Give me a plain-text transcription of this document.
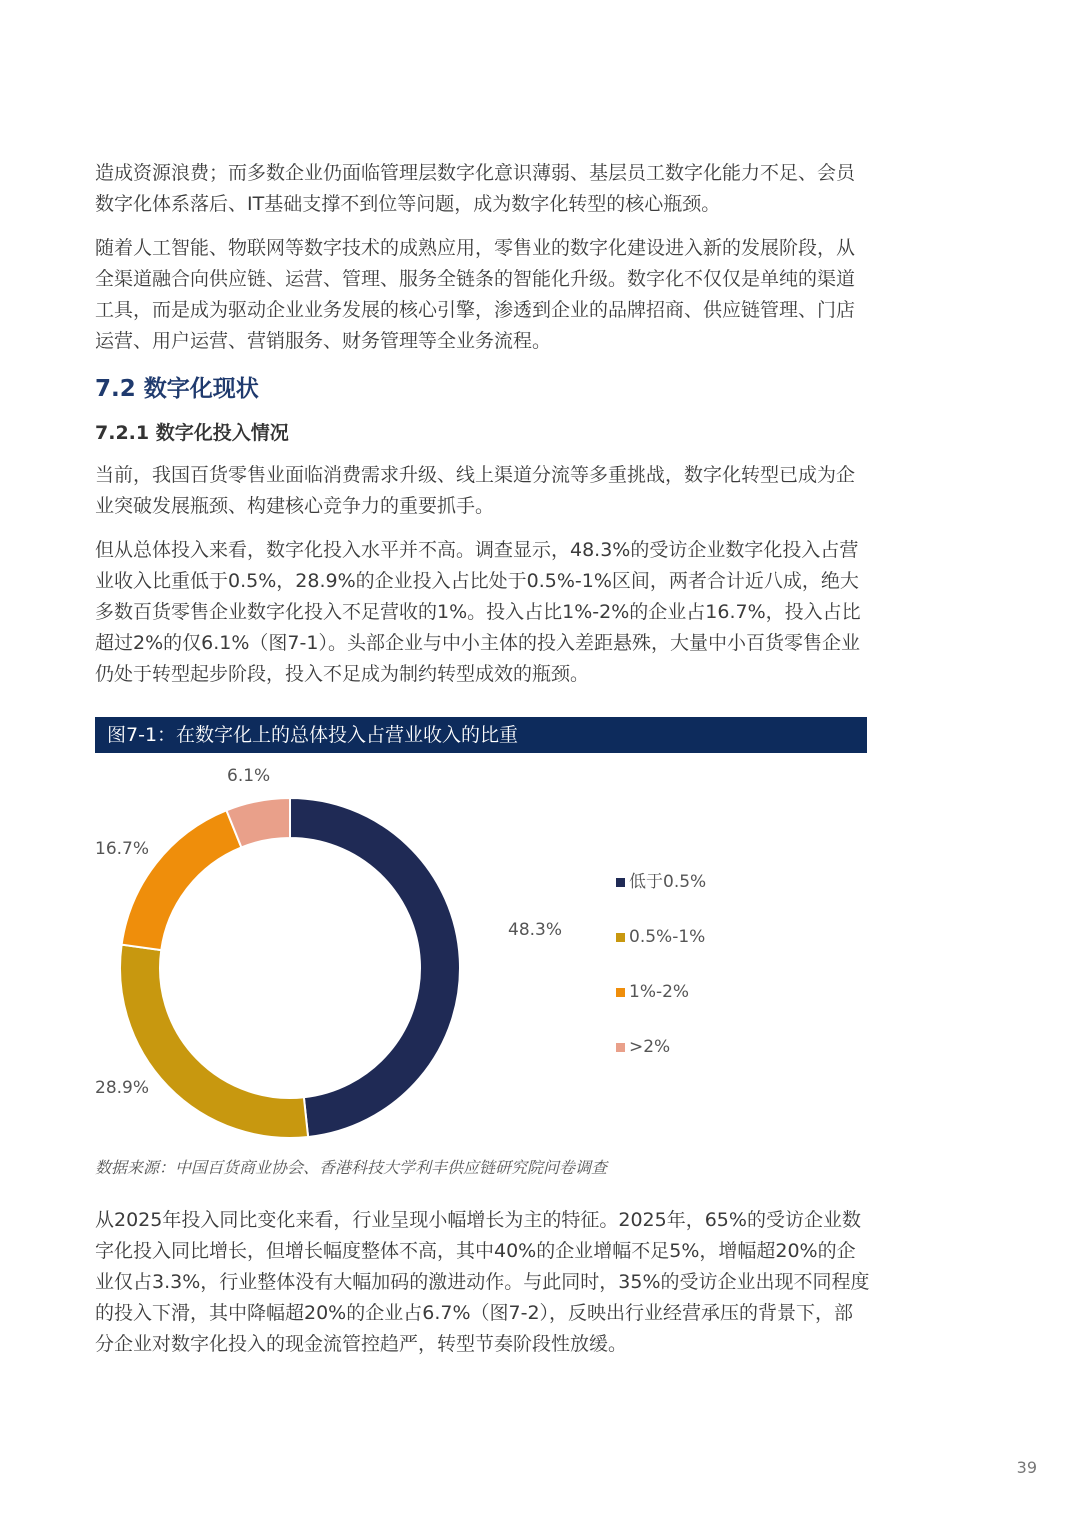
造成资源浪费；而多数企业仍面临管理层数字化意识薄弱、基层员工数字化能力不足、会员数字化体系落后、IT基础支撑不到位等问题，成为数字化转型的核心瓶颈。

随着人工智能、物联网等数字技术的成熟应用，零售业的数字化建设进入新的发展阶段，从全渠道融合向供应链、运营、管理、服务全链条的智能化升级。数字化不仅仅是单纯的渠道工具，而是成为驱动企业业务发展的核心引擎，渗透到企业的品牌招商、供应链管理、门店运营、用户运营、营销服务、财务管理等全业务流程。

7.2 数字化现状
7.2.1 数字化投入情况

当前，我国百货零售业面临消费需求升级、线上渠道分流等多重挑战，数字化转型已成为企业突破发展瓶颈、构建核心竞争力的重要抓手。

但从总体投入来看，数字化投入水平并不高。调查显示，48.3%的受访企业数字化投入占营业收入比重低于0.5%，28.9%的企业投入占比处于0.5%-1%区间，两者合计近八成，绝大多数百货零售企业数字化投入不足营收的1%。投入占比1%-2%的企业占16.7%，投入占比超过2%的仅6.1%（图7-1）。头部企业与中小主体的投入差距悬殊，大量中小百货零售企业仍处于转型起步阶段，投入不足成为制约转型成效的瓶颈。

图7-1：在数字化上的总体投入占营业收入的比重
48.3%
28.9%
16.7%
6.1%
低于0.5%
0.5%-1%
1%-2%
>2%
数据来源：中国百货商业协会、香港科技大学利丰供应链研究院问卷调查

从2025年投入同比变化来看，行业呈现小幅增长为主的特征。2025年，65%的受访企业数字化投入同比增长，但增长幅度整体不高，其中40%的企业增幅不足5%，增幅超20%的企业仅占3.3%，行业整体没有大幅加码的激进动作。与此同时，35%的受访企业出现不同程度的投入下滑，其中降幅超20%的企业占6.7%（图7-2），反映出行业经营承压的背景下，部分企业对数字化投入的现金流管控趋严，转型节奏阶段性放缓。

39
